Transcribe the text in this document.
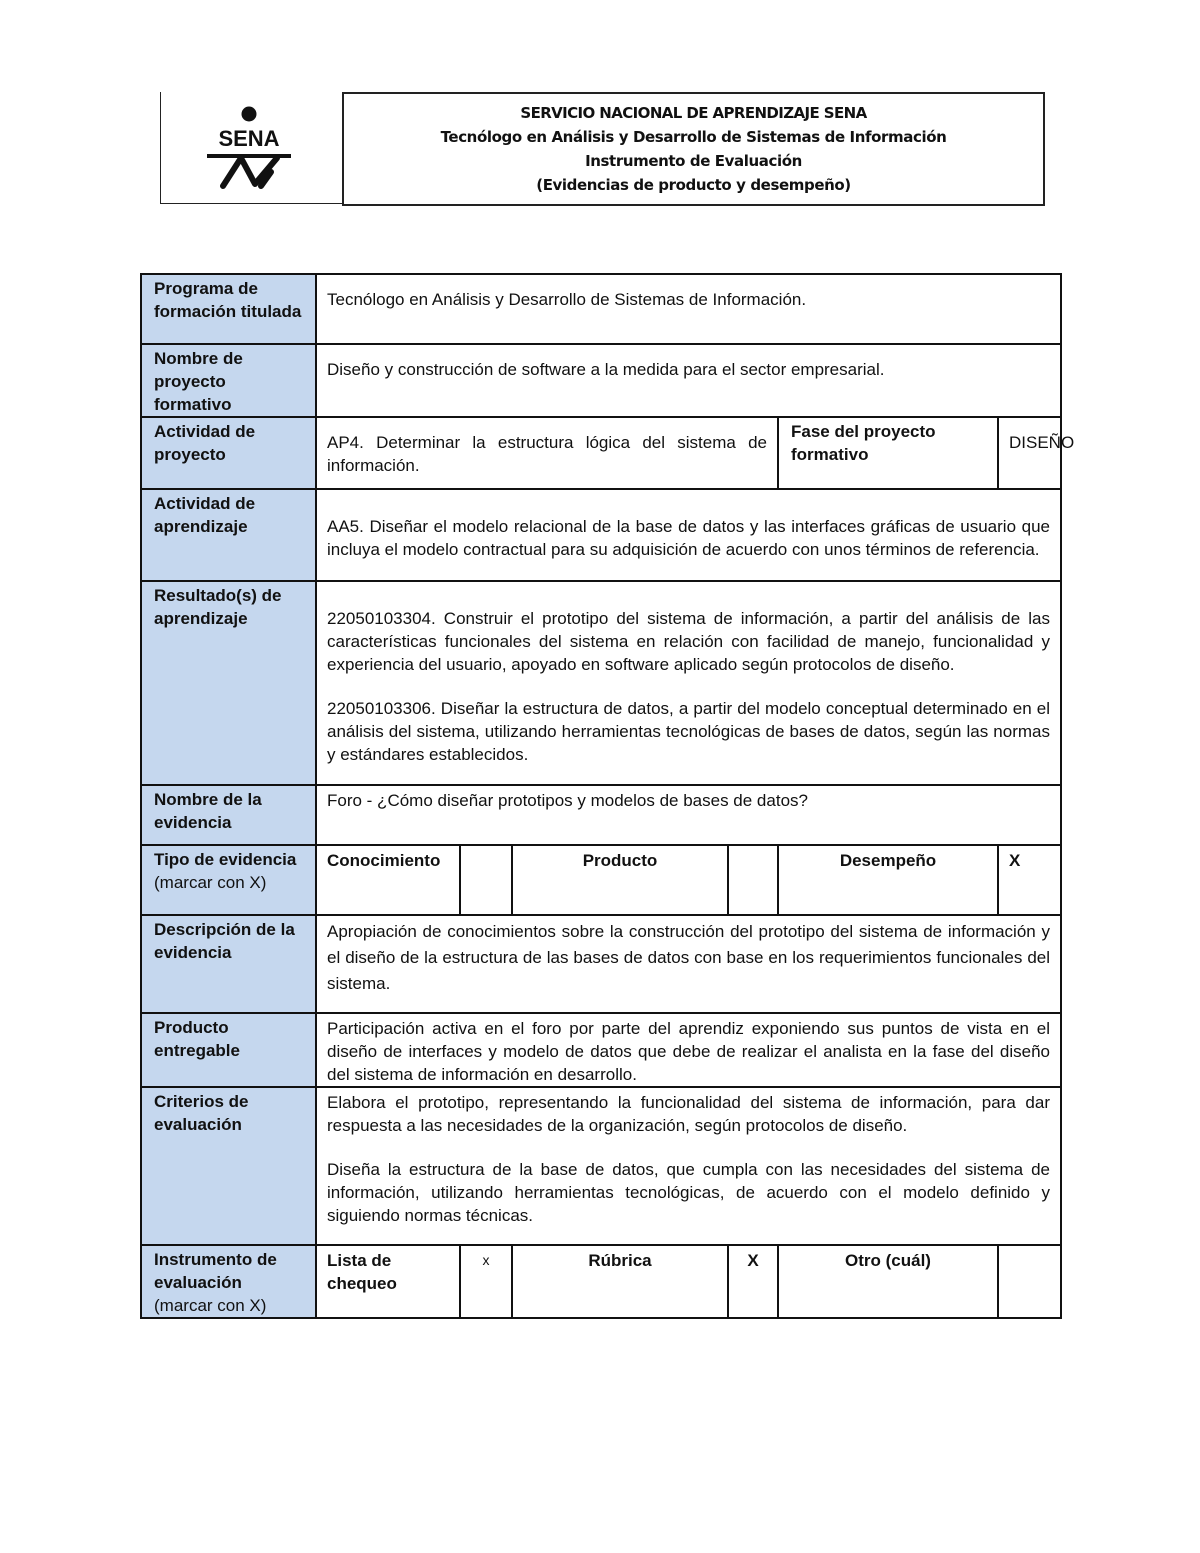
SENA
SERVICIO NACIONAL DE APRENDIZAJE SENA
Tecnólogo en Análisis y Desarrollo de Sistemas de Información
Instrumento de Evaluación
(Evidencias de producto y desempeño)
Programa de formación titulada	Tecnólogo en Análisis y Desarrollo de Sistemas de Información.					
Nombre de proyecto formativo	Diseño y construcción de software a la medida para el sector empresarial.					
Actividad de proyecto	AP4. Determinar la estructura lógica del sistema de información.				Fase del proyecto formativo	DISEÑO
Actividad de aprendizaje	AA5. Diseñar el modelo relacional de la base de datos y las interfaces gráficas de usuario que incluya el modelo contractual para su adquisición de acuerdo con unos términos de referencia.					
Resultado(s) de aprendizaje	22050103304. Construir el prototipo del sistema de información, a partir del análisis de las características funcionales del sistema en relación con facilidad de manejo, funcionalidad y experiencia del usuario, apoyado en software aplicado según protocolos de diseño.

22050103306. Diseñar la estructura de datos, a partir del modelo conceptual determinado en el análisis del sistema, utilizando herramientas tecnológicas de bases de datos, según las normas y estándares establecidos.					

Nombre de la evidencia	Foro - ¿Cómo diseñar prototipos y modelos de bases de datos?					
Tipo de evidencia
(marcar con X)	Conocimiento		Producto		Desempeño	X
Descripción de la evidencia	Apropiación de conocimientos sobre la construcción del prototipo del sistema de información y el diseño de la estructura de las bases de datos con base en los requerimientos funcionales del sistema.					
Producto entregable	Participación activa en el foro por parte del aprendiz exponiendo sus puntos de vista en el diseño de interfaces y modelo de datos que debe de realizar el analista en la fase del diseño del sistema de información en desarrollo.					
Criterios de evaluación	Elabora el prototipo, representando la funcionalidad del sistema de información, para dar respuesta a las necesidades de la organización, según protocolos de diseño.

Diseña la estructura de la base de datos, que cumpla con las necesidades del sistema de información, utilizando herramientas tecnológicas, de acuerdo con el modelo definido y siguiendo normas técnicas.					

Instrumento de evaluación
(marcar con X)	Lista de chequeo	x	Rúbrica	X	Otro (cuál)	
